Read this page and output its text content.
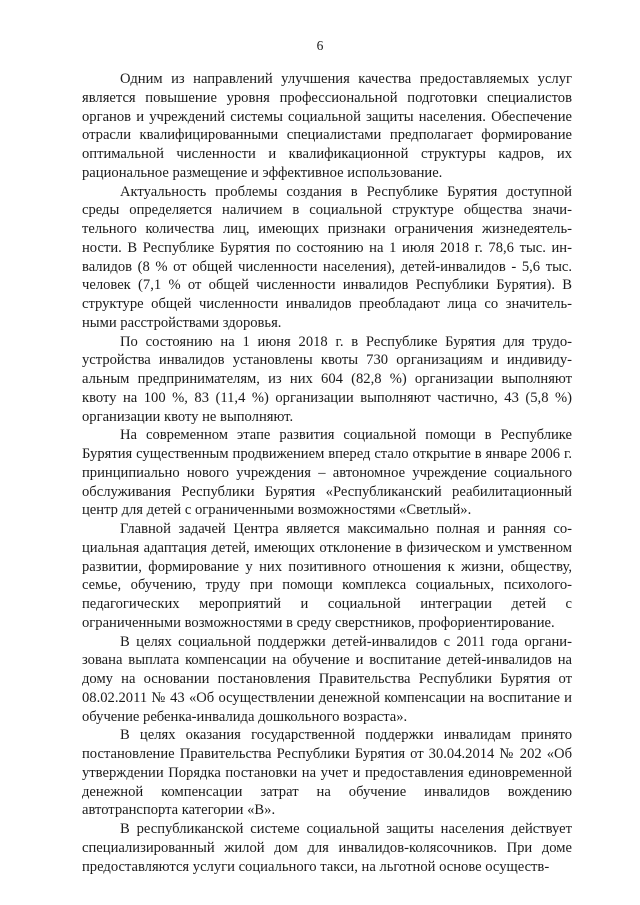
6

Одним из направлений улучшения качества предоставляемых услуг является повышение уровня профессиональной подготовки специалистов органов и учреждений системы социальной защиты населения. Обеспечение отрасли квалифицированными специалистами предполагает формирование оптимальной численности и квалификационной структуры кадров, их рациональное размещение и эффективное использование.

Актуальность проблемы создания в Республике Бурятия доступной среды определяется наличием в социальной структуре общества значительного количества лиц, имеющих признаки ограничения жизнедеятельности. В Республике Бурятия по состоянию на 1 июля 2018 г. 78,6 тыс. инвалидов (8 % от общей численности населения), детей-инвалидов - 5,6 тыс. человек (7,1 % от общей численности инвалидов Республики Бурятия). В структуре общей численности инвалидов преобладают лица со значительными расстройствами здоровья.

По состоянию на 1 июня 2018 г. в Республике Бурятия для трудоустройства инвалидов установлены квоты 730 организациям и индивидуальным предпринимателям, из них 604 (82,8 %) организации выполняют квоту на 100 %, 83 (11,4 %) организации выполняют частично, 43 (5,8 %) организации квоту не выполняют.

На современном этапе развития социальной помощи в Республике Бурятия существенным продвижением вперед стало открытие в январе 2006 г. принципиально нового учреждения – автономное учреждение социального обслуживания Республики Бурятия «Республиканский реабилитационный центр для детей с ограниченными возможностями «Светлый».

Главной задачей Центра является максимально полная и ранняя социальная адаптация детей, имеющих отклонение в физическом и умственном развитии, формирование у них позитивного отношения к жизни, обществу, семье, обучению, труду при помощи комплекса социальных, психолого-педагогических мероприятий и социальной интеграции детей с ограниченными возможностями в среду сверстников, профориентирование.

В целях социальной поддержки детей-инвалидов с 2011 года организована выплата компенсации на обучение и воспитание детей-инвалидов на дому на основании постановления Правительства Республики Бурятия от 08.02.2011 № 43 «Об осуществлении денежной компенсации на воспитание и обучение ребенка-инвалида дошкольного возраста».

В целях оказания государственной поддержки инвалидам принято постановление Правительства Республики Бурятия от 30.04.2014 № 202 «Об утверждении Порядка постановки на учет и предоставления единовременной денежной компенсации затрат на обучение инвалидов вождению автотранспорта категории «В».

В республиканской системе социальной защиты населения действует специализированный жилой дом для инвалидов-колясочников. При доме предоставляются услуги социального такси, на льготной основе осуществ-
